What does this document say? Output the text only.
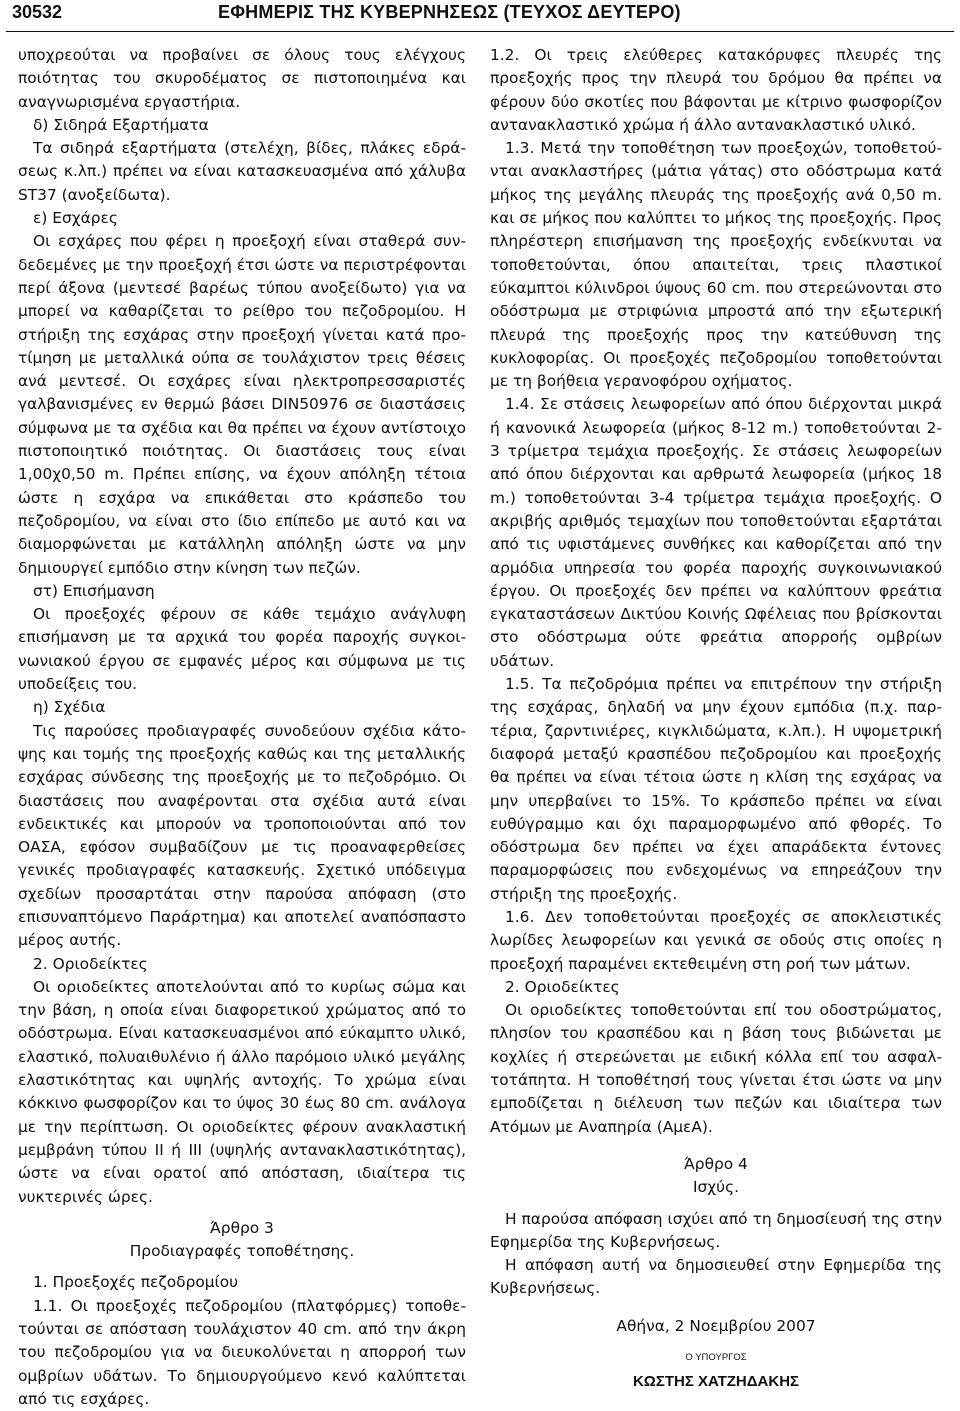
30532	ΕΦΗΜΕΡΙΣ ΤΗΣ ΚΥΒΕΡΝΗΣΕΩΣ (ΤΕΥΧΟΣ ΔΕΥΤΕΡΟ)

υποχρεούται να προβαίνει σε όλους τους ελέγχους ποιότητας του σκυροδέματος σε πιστοποιημένα και αναγνωρισμένα εργαστήρια.

δ) Σιδηρά Εξαρτήματα

Τα σιδηρά εξαρτήματα (στελέχη, βίδες, πλάκες εδράσεως κ.λπ.) πρέπει να είναι κατασκευασμένα από χάλυβα ST37 (ανοξείδωτα).

ε) Εσχάρες

Οι εσχάρες που φέρει η προεξοχή είναι σταθερά συνδεδεμένες με την προεξοχή έτσι ώστε να περιστρέφονται περί άξονα (μεντεσέ βαρέως τύπου ανοξείδωτο) για να μπορεί να καθαρίζεται το ρείθρο του πεζοδρομίου. Η στήριξη της εσχάρας στην προεξοχή γίνεται κατά προτίμηση με μεταλλικά ούπα σε τουλάχιστον τρεις θέσεις ανά μεντεσέ. Οι εσχάρες είναι ηλεκτροπρεσσαριστές γαλβανισμένες εν θερμώ βάσει DIN50976 σε διαστάσεις σύμφωνα με τα σχέδια και θα πρέπει να έχουν αντίστοιχο πιστοποιητικό ποιότητας. Οι διαστάσεις τους είναι 1,00χ0,50 m. Πρέπει επίσης, να έχουν απόληξη τέτοια ώστε η εσχάρα να επικάθεται στο κράσπεδο του πεζοδρομίου, να είναι στο ίδιο επίπεδο με αυτό και να διαμορφώνεται με κατάλληλη απόληξη ώστε να μην δημιουργεί εμπόδιο στην κίνηση των πεζών.

στ) Επισήμανση

Οι προεξοχές φέρουν σε κάθε τεμάχιο ανάγλυφη επισήμανση με τα αρχικά του φορέα παροχής συγκοινωνιακού έργου σε εμφανές μέρος και σύμφωνα με τις υποδείξεις του.

η) Σχέδια

Τις παρούσες προδιαγραφές συνοδεύουν σχέδια κάτοψης και τομής της προεξοχής καθώς και της μεταλλικής εσχάρας σύνδεσης της προεξοχής με το πεζοδρόμιο. Οι διαστάσεις που αναφέρονται στα σχέδια αυτά είναι ενδεικτικές και μπορούν να τροποποιούνται από τον ΟΑΣΑ, εφόσον συμβαδίζουν με τις προαναφερθείσες γενικές προδιαγραφές κατασκευής. Σχετικό υπόδειγμα σχεδίων προσαρτάται στην παρούσα απόφαση (στο επισυναπτόμενο Παράρτημα) και αποτελεί αναπόσπαστο μέρος αυτής.

2. Οριοδείκτες

Οι οριοδείκτες αποτελούνται από το κυρίως σώμα και την βάση, η οποία είναι διαφορετικού χρώματος από το οδόστρωμα. Είναι κατασκευασμένοι από εύκαμπτο υλικό, ελαστικό, πολυαιθυλένιο ή άλλο παρόμοιο υλικό μεγάλης ελαστικότητας και υψηλής αντοχής. Το χρώμα είναι κόκκινο φωσφορίζον και το ύψος 30 έως 80 cm. ανάλογα με την περίπτωση. Οι οριοδείκτες φέρουν ανακλαστική μεμβράνη τύπου ΙΙ ή ΙΙΙ (υψηλής αντανακλαστικότητας), ώστε να είναι ορατοί από απόσταση, ιδιαίτερα τις νυκτερινές ώρες.

Άρθρο 3

Προδιαγραφές τοποθέτησης.

1. Προεξοχές πεζοδρομίου

1.1. Οι προεξοχές πεζοδρομίου (πλατφόρμες) τοποθετούνται σε απόσταση τουλάχιστον 40 cm. από την άκρη του πεζοδρομίου για να διευκολύνεται η απορροή των ομβρίων υδάτων. Το δημιουργούμενο κενό καλύπτεται από τις εσχάρες.

1.2. Οι τρεις ελεύθερες κατακόρυφες πλευρές της προεξοχής προς την πλευρά του δρόμου θα πρέπει να φέρουν δύο σκοτίες που βάφονται με κίτρινο φωσφορίζον αντανακλαστικό χρώμα ή άλλο αντανακλαστικό υλικό.

1.3. Μετά την τοποθέτηση των προεξοχών, τοποθετούνται ανακλαστήρες (μάτια γάτας) στο οδόστρωμα κατά μήκος της μεγάλης πλευράς της προεξοχής ανά 0,50 m. και σε μήκος που καλύπτει το μήκος της προεξοχής. Προς πληρέστερη επισήμανση της προεξοχής ενδείκνυται να τοποθετούνται, όπου απαιτείται, τρεις πλαστικοί εύκαμπτοι κύλινδροι ύψους 60 cm. που στερεώνονται στο οδόστρωμα με στριφώνια μπροστά από την εξωτερική πλευρά της προεξοχής προς την κατεύθυνση της κυκλοφορίας. Οι προεξοχές πεζοδρομίου τοποθετούνται με τη βοήθεια γερανοφόρου οχήματος.

1.4. Σε στάσεις λεωφορείων από όπου διέρχονται μικρά ή κανονικά λεωφορεία (μήκος 8-12 m.) τοποθετούνται 2-3 τρίμετρα τεμάχια προεξοχής. Σε στάσεις λεωφορείων από όπου διέρχονται και αρθρωτά λεωφορεία (μήκος 18 m.) τοποθετούνται 3-4 τρίμετρα τεμάχια προεξοχής. Ο ακριβής αριθμός τεμαχίων που τοποθετούνται εξαρτάται από τις υφιστάμενες συνθήκες και καθορίζεται από την αρμόδια υπηρεσία του φορέα παροχής συγκοινωνιακού έργου. Οι προεξοχές δεν πρέπει να καλύπτουν φρεάτια εγκαταστάσεων Δικτύου Κοινής Ωφέλειας που βρίσκονται στο οδόστρωμα ούτε φρεάτια απορροής ομβρίων υδάτων.

1.5. Τα πεζοδρόμια πρέπει να επιτρέπουν την στήριξη της εσχάρας, δηλαδή να μην έχουν εμπόδια (π.χ. παρτέρια, ζαρντινιέρες, κιγκλιδώματα, κ.λπ.). Η υψομετρική διαφορά μεταξύ κρασπέδου πεζοδρομίου και προεξοχής θα πρέπει να είναι τέτοια ώστε η κλίση της εσχάρας να μην υπερβαίνει το 15%. Το κράσπεδο πρέπει να είναι ευθύγραμμο και όχι παραμορφωμένο από φθορές. Το οδόστρωμα δεν πρέπει να έχει απαράδεκτα έντονες παραμορφώσεις που ενδεχομένως να επηρεάζουν την στήριξη της προεξοχής.

1.6. Δεν τοποθετούνται προεξοχές σε αποκλειστικές λωρίδες λεωφορείων και γενικά σε οδούς στις οποίες η προεξοχή παραμένει εκτεθειμένη στη ροή των μάτων.

2. Οριοδείκτες

Οι οριοδείκτες τοποθετούνται επί του οδοστρώματος, πλησίον του κρασπέδου και η βάση τους βιδώνεται με κοχλίες ή στερεώνεται με ειδική κόλλα επί του ασφαλτοτάπητα. Η τοποθέτησή τους γίνεται έτσι ώστε να μην εμποδίζεται η διέλευση των πεζών και ιδιαίτερα των Ατόμων με Αναπηρία (ΑμεΑ).

Άρθρο 4

Ισχύς.

Η παρούσα απόφαση ισχύει από τη δημοσίευσή της στην Εφημερίδα της Κυβερνήσεως.

Η απόφαση αυτή να δημοσιευθεί στην Εφημερίδα της Κυβερνήσεως.

Αθήνα, 2 Νοεμβρίου 2007

Ο ΥΠΟΥΡΓΟΣ

ΚΩΣΤΗΣ ΧΑΤΖΗΔΑΚΗΣ
